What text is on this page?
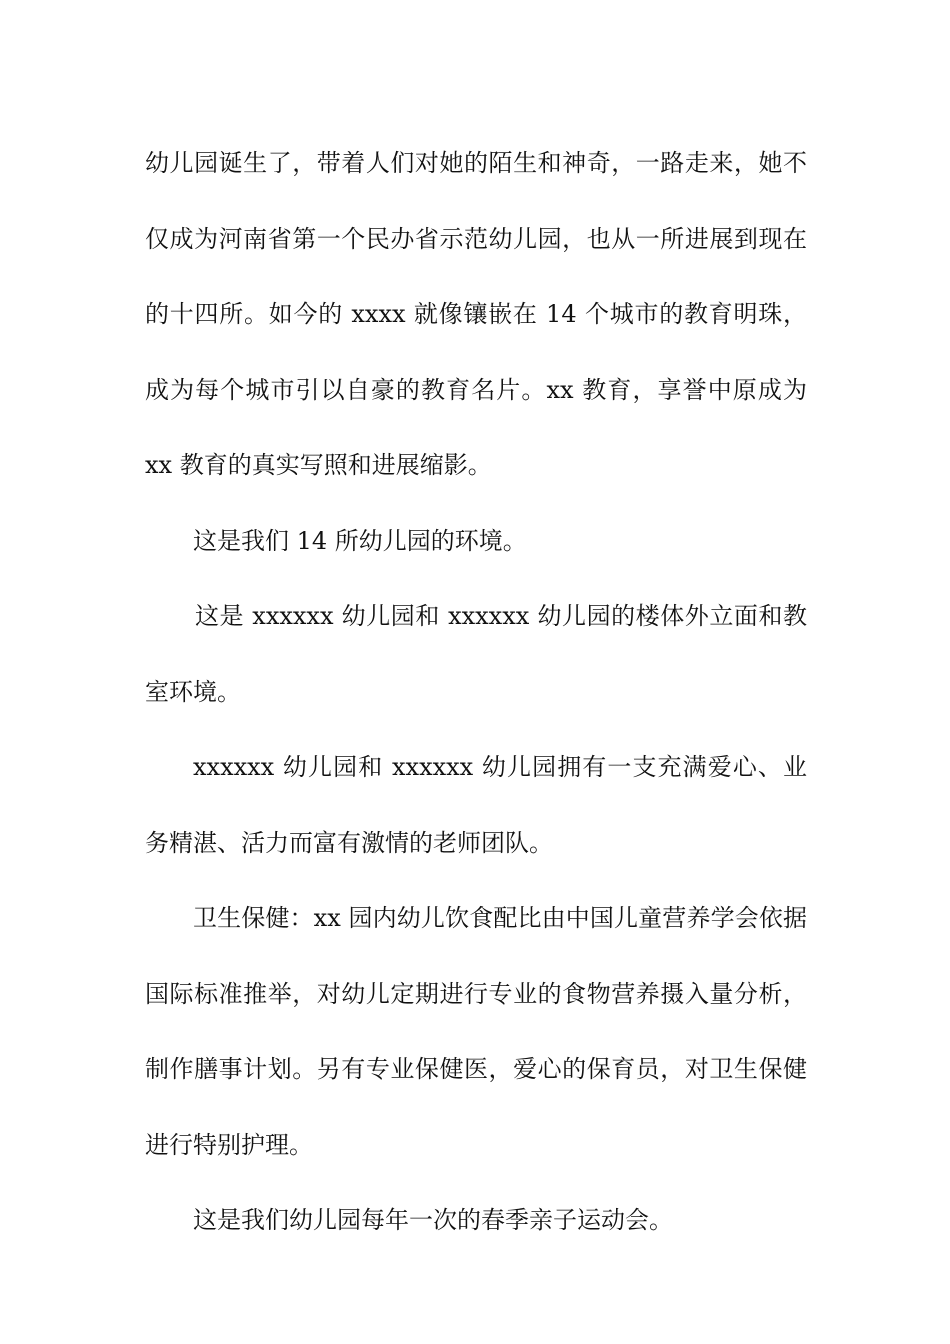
幼儿园诞生了，带着人们对她的陌生和神奇，一路走来，她不仅成为河南省第一个民办省示范幼儿园，也从一所进展到现在的十四所。如今的 xxxx 就像镶嵌在 14 个城市的教育明珠，成为每个城市引以自豪的教育名片。xx 教育，享誉中原成为 xx 教育的真实写照和进展缩影。

这是我们 14 所幼儿园的环境。

这是 xxxxxx 幼儿园和 xxxxxx 幼儿园的楼体外立面和教室环境。

xxxxxx 幼儿园和 xxxxxx 幼儿园拥有一支充满爱心、业务精湛、活力而富有激情的老师团队。

卫生保健：xx 园内幼儿饮食配比由中国儿童营养学会依据国际标准推举，对幼儿定期进行专业的食物营养摄入量分析，制作膳事计划。另有专业保健医，爱心的保育员，对卫生保健进行特别护理。

这是我们幼儿园每年一次的春季亲子运动会。
